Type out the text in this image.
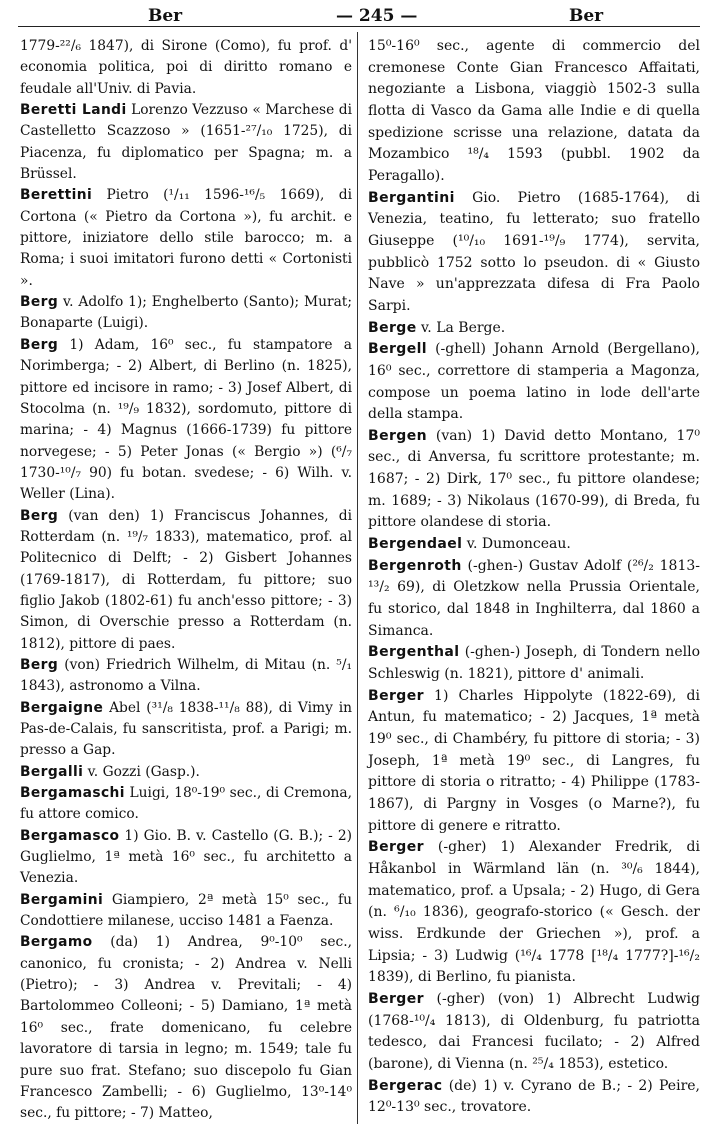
Ber	— 245 —	Ber

1779-²²/₆ 1847), di Sirone (Como), fu prof. d' economia politica, poi di diritto romano e feudale all'Univ. di Pavia.

Beretti Landi Lorenzo Vezzuso « Marchese di Castelletto Scazzoso » (1651-²⁷/₁₀ 1725), di Piacenza, fu diplomatico per Spagna; m. a Brüssel.

Berettini Pietro (¹/₁₁ 1596-¹⁶/₅ 1669), di Cortona (« Pietro da Cortona »), fu archit. e pittore, iniziatore dello stile barocco; m. a Roma; i suoi imitatori furono detti « Cortonisti ».

Berg v. Adolfo 1); Enghelberto (Santo); Murat; Bonaparte (Luigi).

Berg 1) Adam, 16⁰ sec., fu stampatore a Norimberga; - 2) Albert, di Berlino (n. 1825), pittore ed incisore in ramo; - 3) Josef Albert, di Stocolma (n. ¹⁹/₉ 1832), sordomuto, pittore di marina; - 4) Magnus (1666-1739) fu pittore norvegese; - 5) Peter Jonas (« Bergio ») (⁶/₇ 1730-¹⁰/₇ 90) fu botan. svedese; - 6) Wilh. v. Weller (Lina).

Berg (van den) 1) Franciscus Johannes, di Rotterdam (n. ¹⁹/₇ 1833), matematico, prof. al Politecnico di Delft; - 2) Gisbert Johannes (1769-1817), di Rotterdam, fu pittore; suo figlio Jakob (1802-61) fu anch'esso pittore; - 3) Simon, di Overschie presso a Rotterdam (n. 1812), pittore di paes.

Berg (von) Friedrich Wilhelm, di Mitau (n. ⁵/₁ 1843), astronomo a Vilna.

Bergaigne Abel (³¹/₈ 1838-¹¹/₈ 88), di Vimy in Pas-de-Calais, fu sanscritista, prof. a Parigi; m. presso a Gap.

Bergalli v. Gozzi (Gasp.).

Bergamaschi Luigi, 18⁰-19⁰ sec., di Cremona, fu attore comico.

Bergamasco 1) Gio. B. v. Castello (G. B.); - 2) Guglielmo, 1ª metà 16⁰ sec., fu architetto a Venezia.

Bergamini Giampiero, 2ª metà 15⁰ sec., fu Condottiere milanese, ucciso 1481 a Faenza.

Bergamo (da) 1) Andrea, 9⁰-10⁰ sec., canonico, fu cronista; - 2) Andrea v. Nelli (Pietro); - 3) Andrea v. Previtali; - 4) Bartolommeo Colleoni; - 5) Damiano, 1ª metà 16⁰ sec., frate domenicano, fu celebre lavoratore di tarsia in legno; m. 1549; tale fu pure suo frat. Stefano; suo discepolo fu Gian Francesco Zambelli; - 6) Guglielmo, 13⁰-14⁰ sec., fu pittore; - 7) Matteo,

15⁰-16⁰ sec., agente di commercio del cremonese Conte Gian Francesco Affaitati, negoziante a Lisbona, viaggiò 1502-3 sulla flotta di Vasco da Gama alle Indie e di quella spedizione scrisse una relazione, datata da Mozambico ¹⁸/₄ 1593 (pubbl. 1902 da Peragallo).

Bergantini Gio. Pietro (1685-1764), di Venezia, teatino, fu letterato; suo fratello Giuseppe (¹⁰/₁₀ 1691-¹⁹/₉ 1774), servita, pubblicò 1752 sotto lo pseudon. di « Giusto Nave » un'apprezzata difesa di Fra Paolo Sarpi.

Berge v. La Berge.

Bergell (-ghell) Johann Arnold (Bergellano), 16⁰ sec., correttore di stamperia a Magonza, compose un poema latino in lode dell'arte della stampa.

Bergen (van) 1) David detto Montano, 17⁰ sec., di Anversa, fu scrittore protestante; m. 1687; - 2) Dirk, 17⁰ sec., fu pittore olandese; m. 1689; - 3) Nikolaus (1670-99), di Breda, fu pittore olandese di storia.

Bergendael v. Dumonceau.

Bergenroth (-ghen-) Gustav Adolf (²⁶/₂ 1813-¹³/₂ 69), di Oletzkow nella Prussia Orientale, fu storico, dal 1848 in Inghilterra, dal 1860 a Simanca.

Bergenthal (-ghen-) Joseph, di Tondern nello Schleswig (n. 1821), pittore d' animali.

Berger 1) Charles Hippolyte (1822-69), di Antun, fu matematico; - 2) Jacques, 1ª metà 19⁰ sec., di Chambéry, fu pittore di storia; - 3) Joseph, 1ª metà 19⁰ sec., di Langres, fu pittore di storia o ritratto; - 4) Philippe (1783-1867), di Pargny in Vosges (o Marne?), fu pittore di genere e ritratto.

Berger (-gher) 1) Alexander Fredrik, di Håkanbol in Wärmland län (n. ³⁰/₆ 1844), matematico, prof. a Upsala; - 2) Hugo, di Gera (n. ⁶/₁₀ 1836), geografo-storico (« Gesch. der wiss. Erdkunde der Griechen »), prof. a Lipsia; - 3) Ludwig (¹⁶/₄ 1778 [¹⁸/₄ 1777?]-¹⁶/₂ 1839), di Berlino, fu pianista.

Berger (-gher) (von) 1) Albrecht Ludwig (1768-¹⁰/₄ 1813), di Oldenburg, fu patriotta tedesco, dai Francesi fucilato; - 2) Alfred (barone), di Vienna (n. ²⁵/₄ 1853), estetico.

Bergerac (de) 1) v. Cyrano de B.; - 2) Peire, 12⁰-13⁰ sec., trovatore.
